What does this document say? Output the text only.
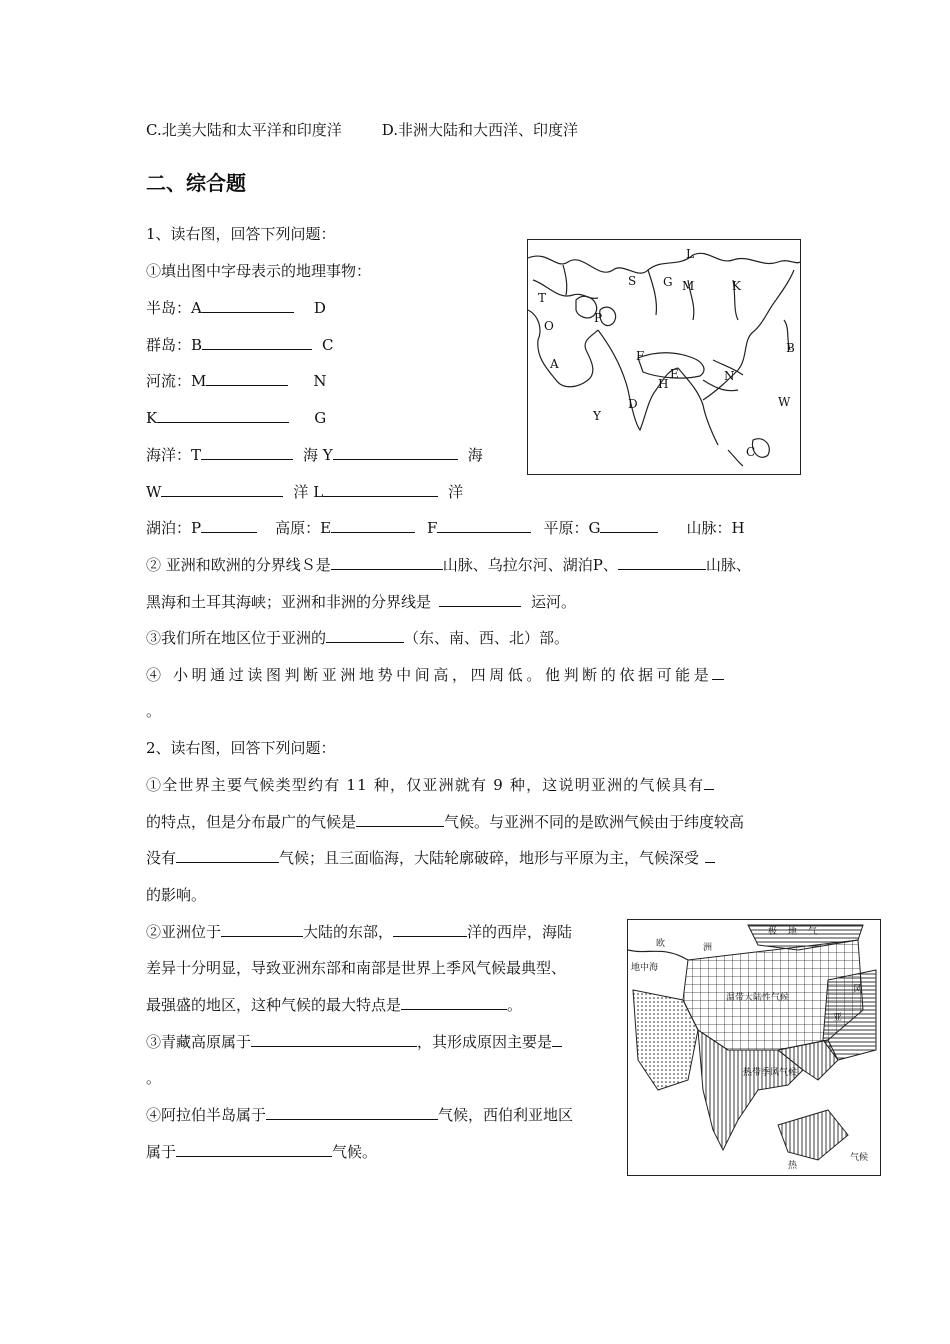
C.北美大陆和太平洋和印度洋	D.非洲大陆和大西洋、印度洋
二、综合题
1、读右图，回答下列问题：
①填出图中字母表示的地理事物：
半岛：A	D
群岛：B	C
河流：M	N
K	G
海洋：T	海 Y	海
W	洋 L	洋
湖泊：P	高原：E	F	平原：G	山脉：H
② 亚洲和欧洲的分界线Ｓ是	山脉、乌拉尔河、湖泊P、	山脉、
黑海和土耳其海峡；亚洲和非洲的分界线是	运河。
③我们所在地区位于亚洲的	（东、南、西、北）部。
④ 小明通过读图判断亚洲地势中间高，四周低。他判断的依据可能是
。
L
S G M	K
T
O
P
A
B
F
E
H
N
W
D
Y
C
2、读右图，回答下列问题：
①全世界主要气候类型约有 11 种，仅亚洲就有 9 种，这说明亚洲的气候具有
的特点，但是分布最广的气候是	气候。与亚洲不同的是欧洲气候由于纬度较高
没有	气候；且三面临海，大陆轮廓破碎，地形与平原为主，气候深受
的影响。
②亚洲位于	大陆的东部，	洋的西岸，海陆
差异十分明显，导致亚洲东部和南部是世界上季风气候最典型、
最强盛的地区，这种气候的最大特点是	。
③青藏高原属于	，其形成原因主要是
。
④阿拉伯半岛属于	气候，西伯利亚地区
属于	气候。
欧	洲
极 地 气
温带大陆性气候
地中海
亚
风
热带季风气候
热
气候
